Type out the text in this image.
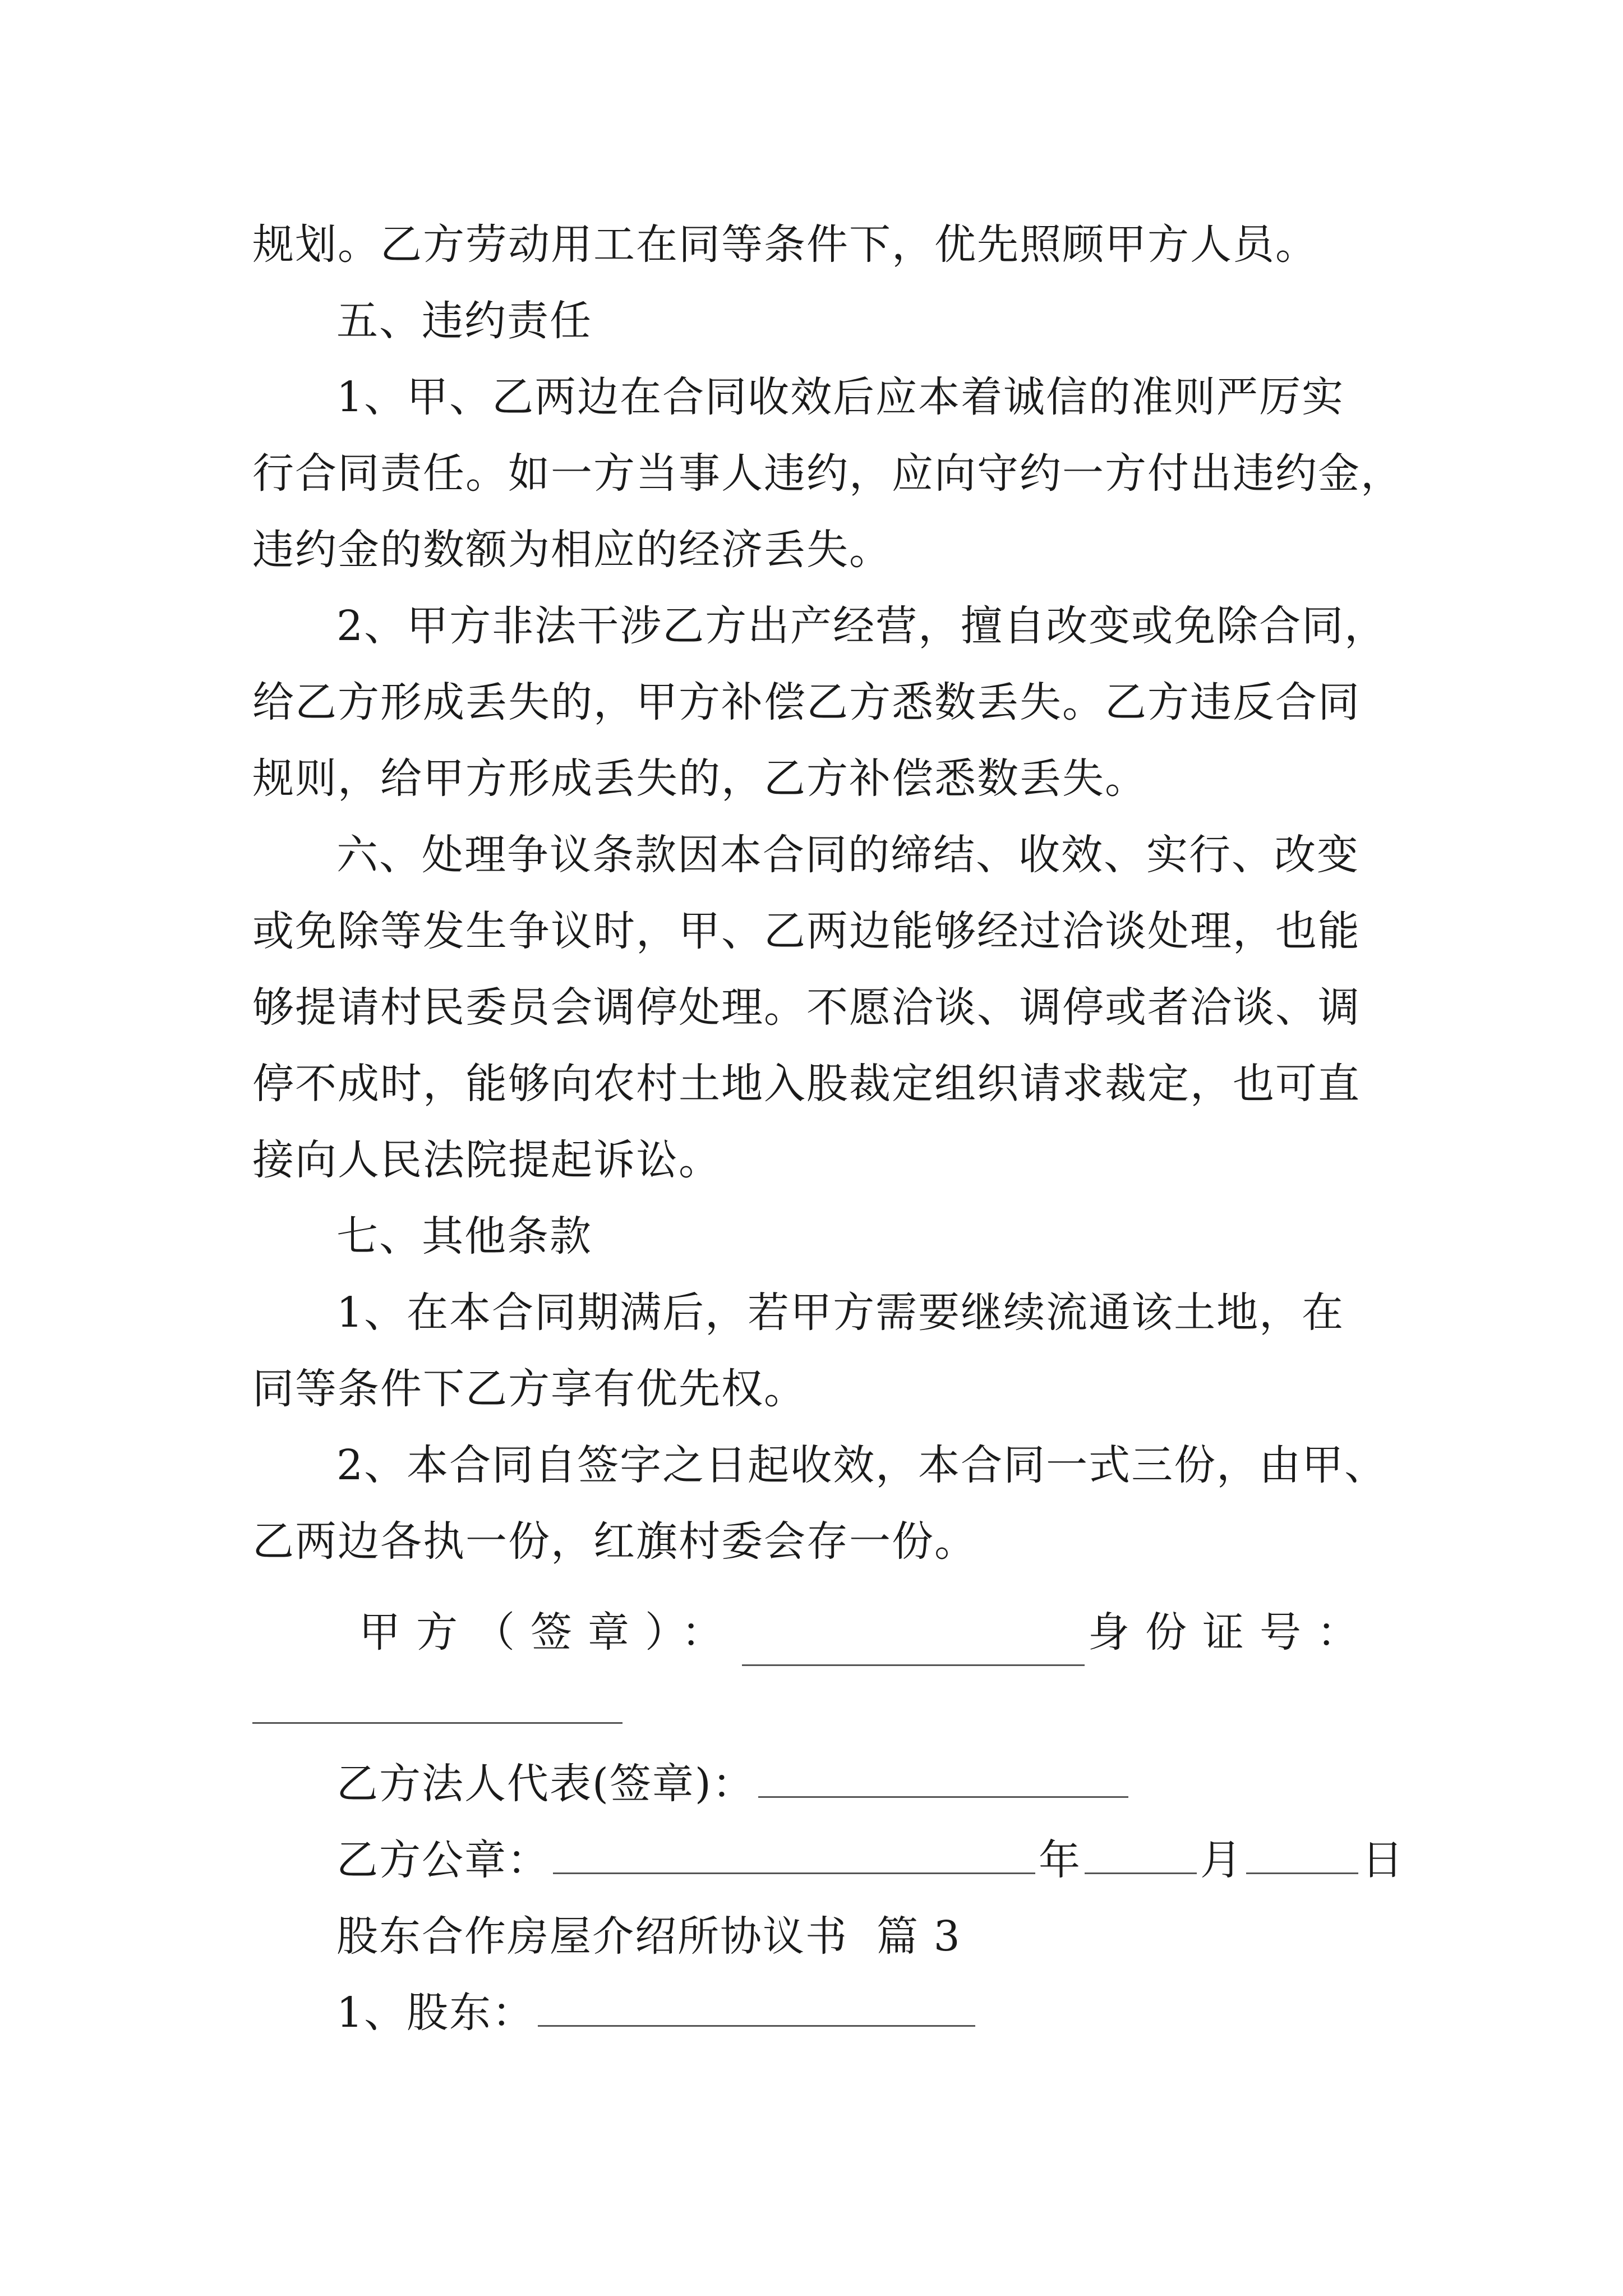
规划。乙方劳动用工在同等条件下，优先照顾甲方人员。
五、违约责任
1、甲、乙两边在合同收效后应本着诚信的准则严厉实
行合同责任。如一方当事人违约，应向守约一方付出违约金，
违约金的数额为相应的经济丢失。
2、甲方非法干涉乙方出产经营，擅自改变或免除合同，
给乙方形成丢失的，甲方补偿乙方悉数丢失。乙方违反合同
规则，给甲方形成丢失的，乙方补偿悉数丢失。
六、处理争议条款因本合同的缔结、收效、实行、改变
或免除等发生争议时，甲、乙两边能够经过洽谈处理，也能
够提请村民委员会调停处理。不愿洽谈、调停或者洽谈、调
停不成时，能够向农村土地入股裁定组织请求裁定，也可直
接向人民法院提起诉讼。
七、其他条款
1、在本合同期满后，若甲方需要继续流通该土地，在
同等条件下乙方享有优先权。
2、本合同自签字之日起收效，本合同一式三份，由甲、
乙两边各执一份，红旗村委会存一份。
甲方（签章）：	身份证号：
乙方法人代表(签章)：
乙方公章：	年	月	日
股东合作房屋介绍所协议书  篇 3
1、股东：
